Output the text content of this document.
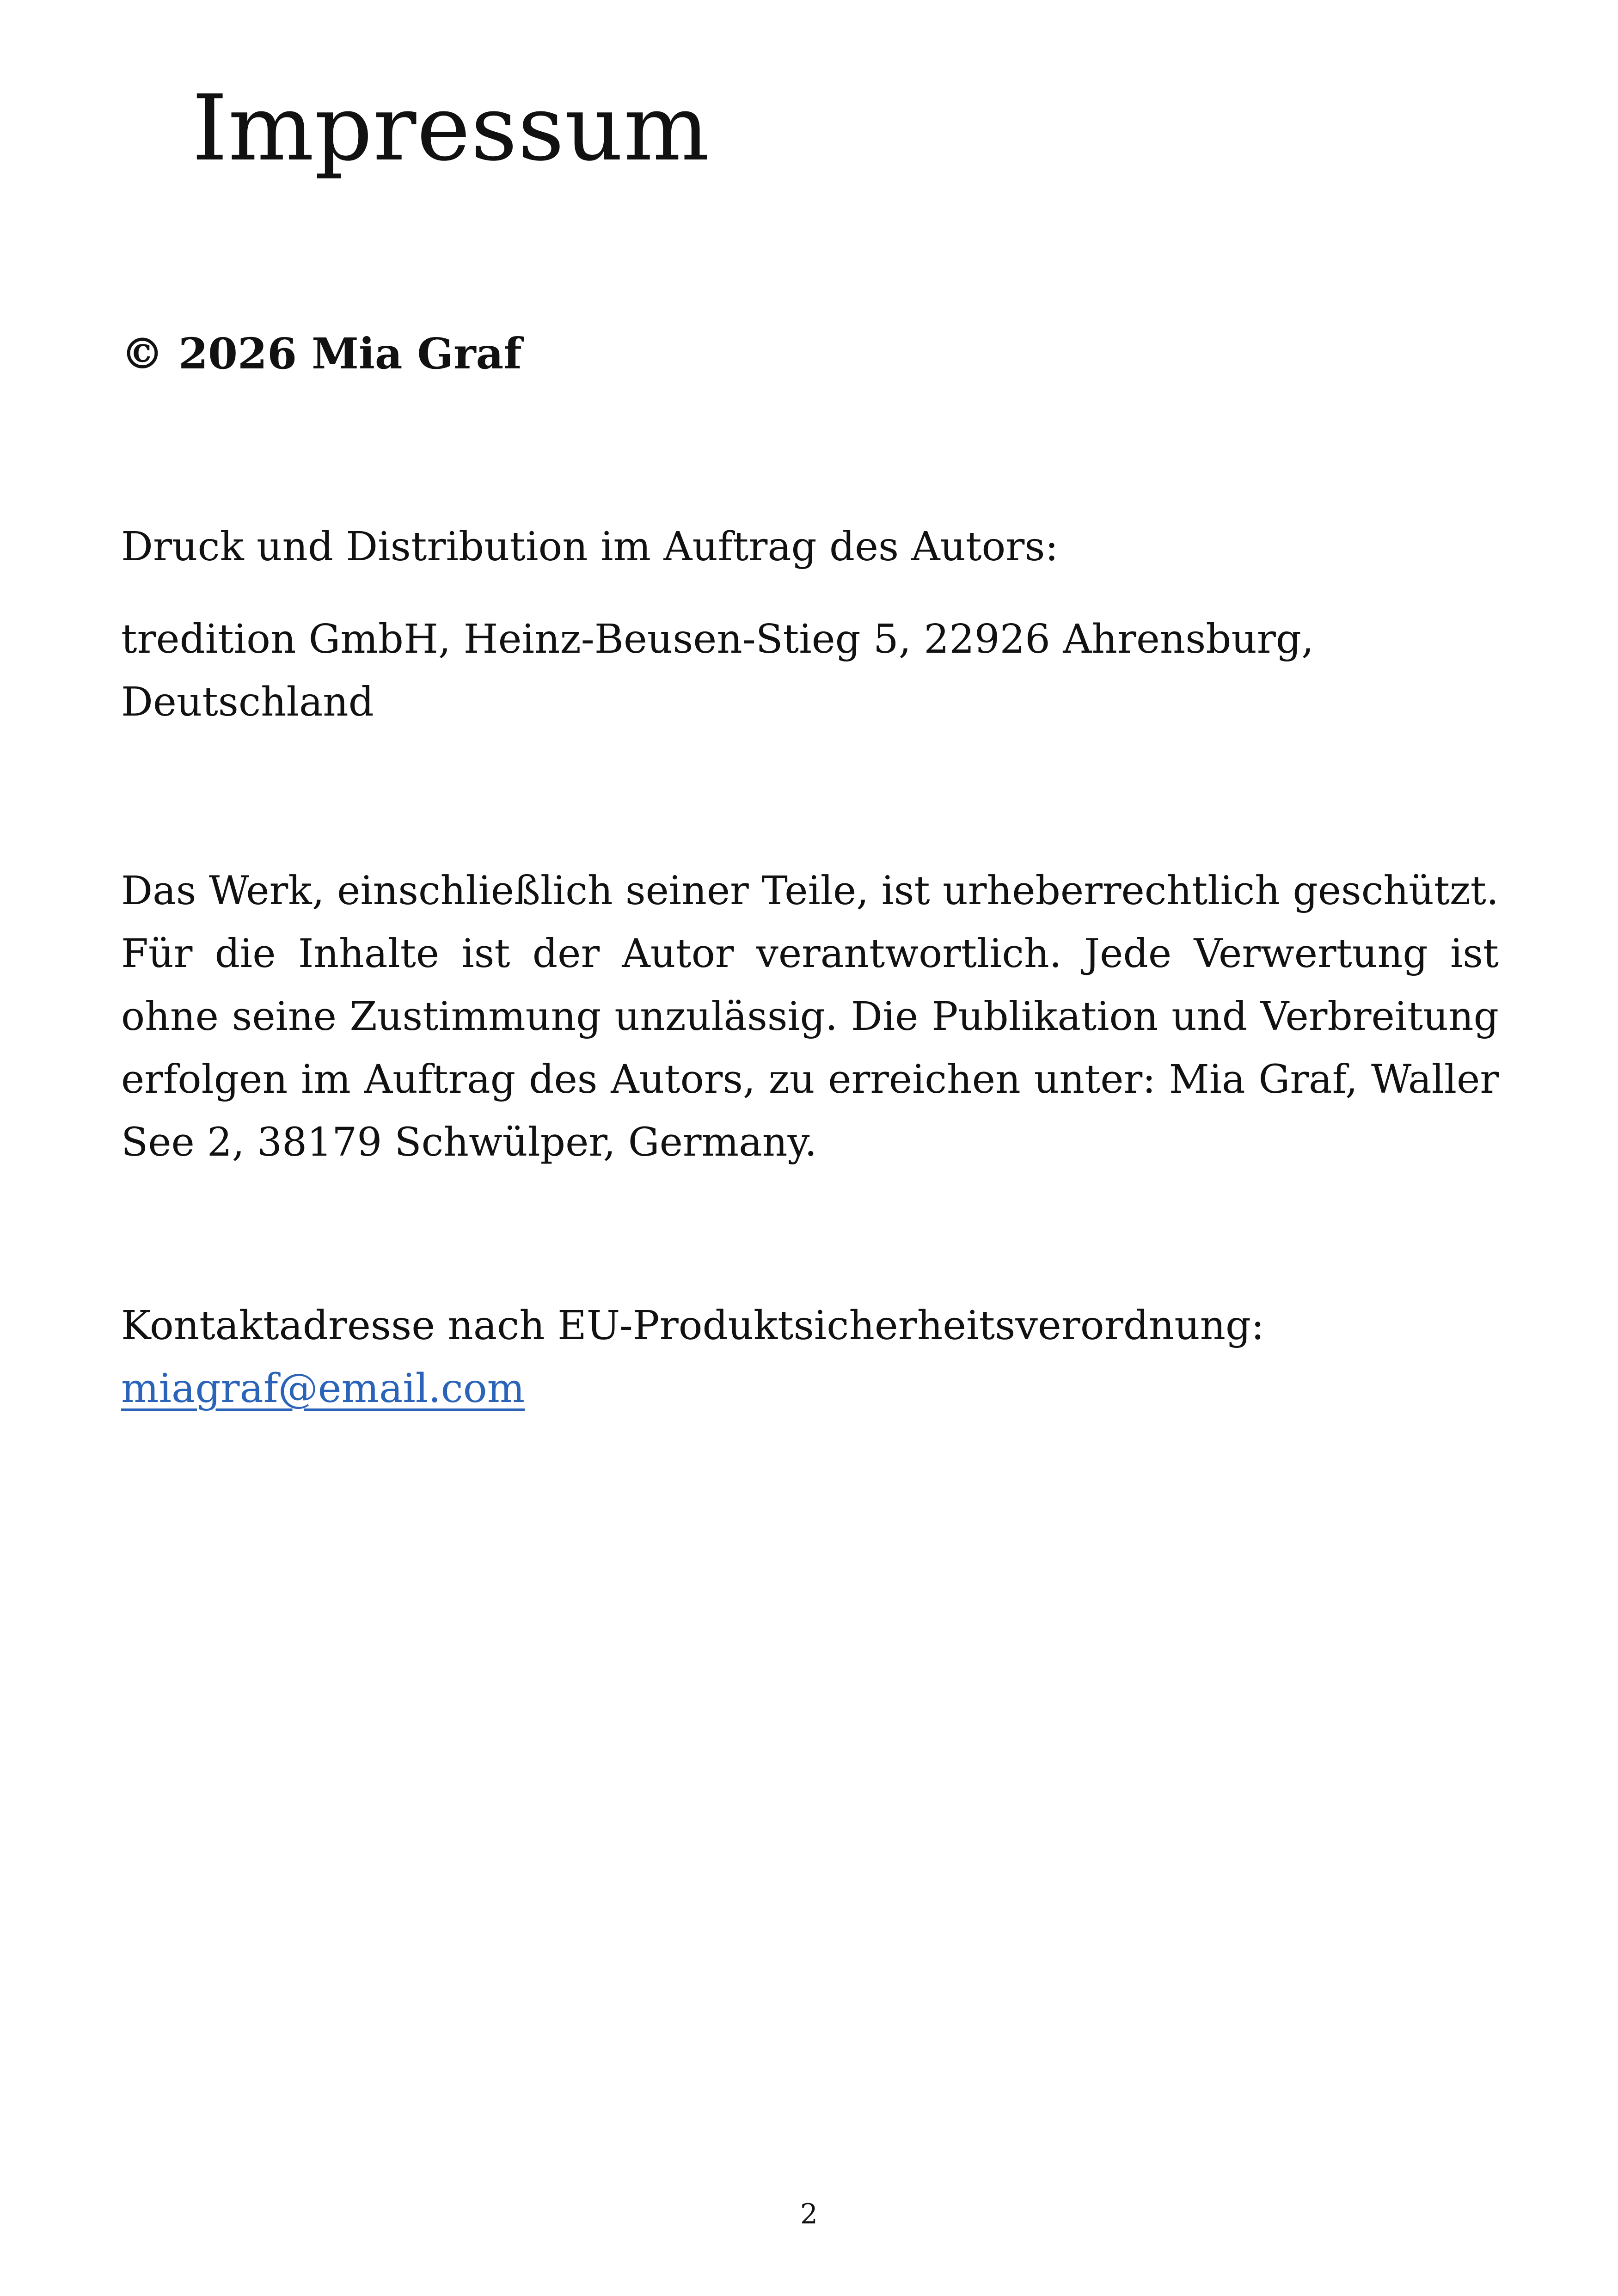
Impressum

© 2026 Mia Graf

Druck und Distribution im Auftrag des Autors:

tredition GmbH, Heinz-Beusen-Stieg 5, 22926 Ahrensburg, Deutschland

Das Werk, einschließlich seiner Teile, ist urheberrechtlich geschützt. Für die Inhalte ist der Autor verantwortlich. Jede Verwertung ist ohne seine Zustimmung unzulässig. Die Publikation und Verbreitung erfolgen im Auftrag des Autors, zu erreichen unter: Mia Graf, Waller See 2, 38179 Schwülper, Germany.

Kontaktadresse nach EU-Produktsicherheitsverordnung:

miagraf@email.com
2
